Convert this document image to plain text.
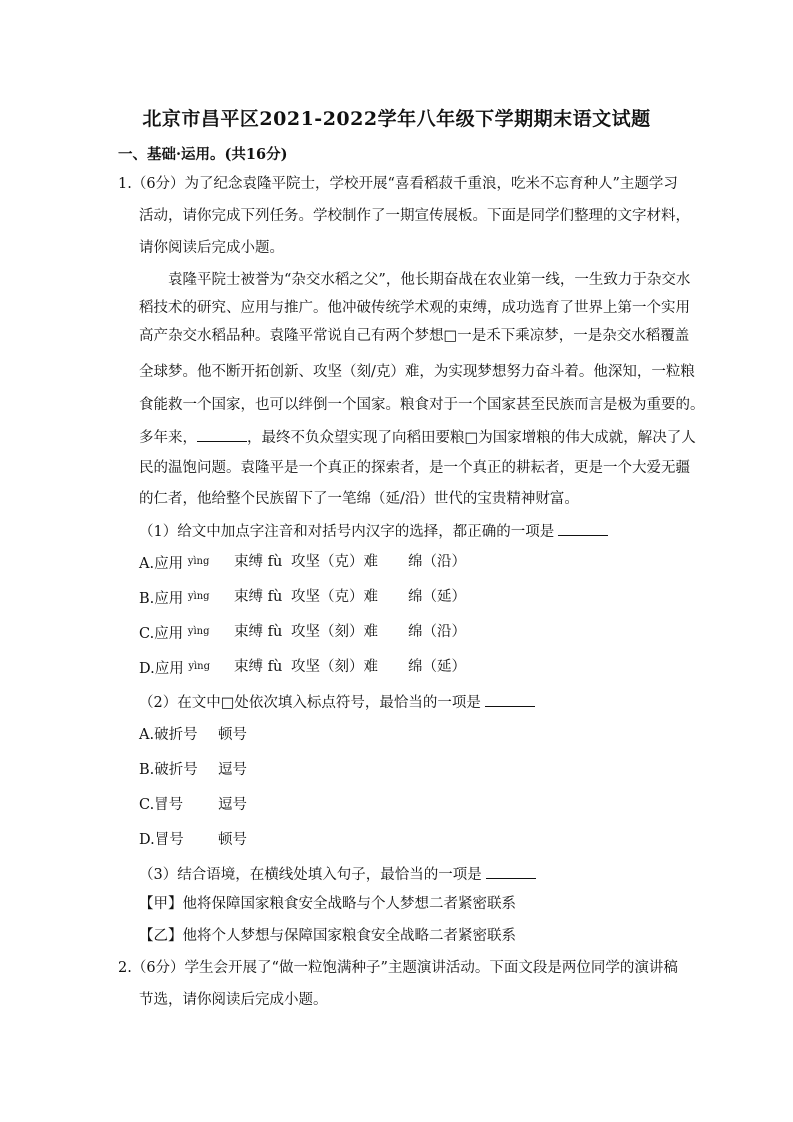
北京市昌平区2021-2022学年八年级下学期期末语文试题
一、基础·运用。(共16分)
1.（6分）为了纪念袁隆平院士，学校开展“喜看稻菽千重浪，吃米不忘育种人”主题学习
活动，请你完成下列任务。学校制作了一期宣传展板。下面是同学们整理的文字材料，
请你阅读后完成小题。
袁隆平院士被誉为“杂交水稻之父”，他长期奋战在农业第一线，一生致力于杂交水
稻技术的研究、应用与推广。他冲破传统学术观的束缚，成功选育了世界上第一个实用
高产杂交水稻品种。袁隆平常说自己有两个梦想□一是禾下乘凉梦，一是杂交水稻覆盖
全球梦。他不断开拓创新、攻坚（刻/克）难，为实现梦想努力奋斗着。他深知，一粒粮
食能救一个国家，也可以绊倒一个国家。粮食对于一个国家甚至民族而言是极为重要的。
多年来，	，最终不负众望实现了向稻田要粮□为国家增粮的伟大成就，解决了人
民的温饱问题。袁隆平是一个真正的探索者，是一个真正的耕耘者，更是一个大爱无疆
的仁者，他给整个民族留下了一笔绵（延/沿）世代的宝贵精神财富。
（1）给文中加点字注音和对括号内汉字的选择，都正确的一项是
A.应用 $^{yìng}$ 束缚 fù 攻坚（克）难 绵（沿）
B.应用 $^{yìng}$ 束缚 fù 攻坚（克）难 绵（延）
C.应用 $^{yìng}$ 束缚 fù 攻坚（刻）难 绵（沿）
D.应用 $^{yìng}$ 束缚 fù 攻坚（刻）难 绵（延）
（2）在文中□处依次填入标点符号，最恰当的一项是
A.破折号 顿号
B.破折号 逗号
C.冒号 逗号
D.冒号 顿号
（3）结合语境，在横线处填入句子，最恰当的一项是
【甲】他将保障国家粮食安全战略与个人梦想二者紧密联系
【乙】他将个人梦想与保障国家粮食安全战略二者紧密联系
2.（6分）学生会开展了“做一粒饱满种子”主题演讲活动。下面文段是两位同学的演讲稿
节选，请你阅读后完成小题。
